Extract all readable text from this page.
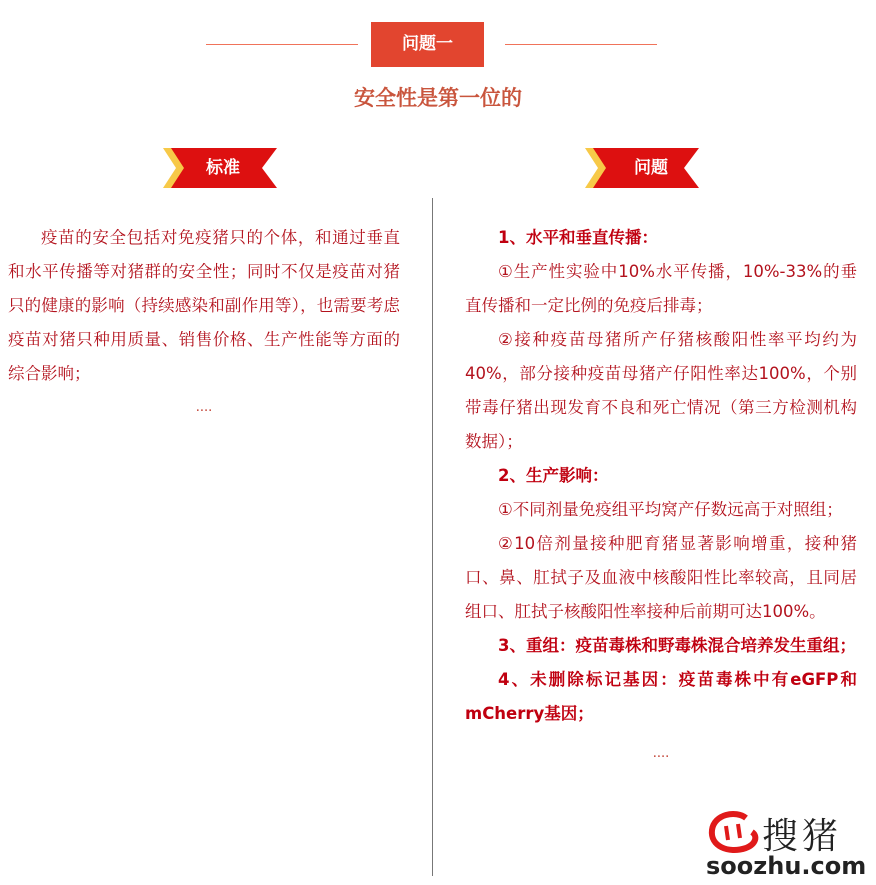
问题一
安全性是第一位的
标准	问题

疫苗的安全包括对免疫猪只的个体，和通过垂直和水平传播等对猪群的安全性；同时不仅是疫苗对猪只的健康的影响（持续感染和副作用等），也需要考虑疫苗对猪只种用质量、销售价格、生产性能等方面的综合影响；

....

1、水平和垂直传播：

①生产性实验中10%水平传播，10%-33%的垂直传播和一定比例的免疫后排毒；

②接种疫苗母猪所产仔猪核酸阳性率平均约为40%，部分接种疫苗母猪产仔阳性率达100%，个别带毒仔猪出现发育不良和死亡情况（第三方检测机构数据）；

2、生产影响：

①不同剂量免疫组平均窝产仔数远高于对照组；

②10倍剂量接种肥育猪显著影响增重，接种猪口、鼻、肛拭子及血液中核酸阳性比率较高，且同居组口、肛拭子核酸阳性率接种后前期可达100%。

3、重组：疫苗毒株和野毒株混合培养发生重组；

4、未删除标记基因：疫苗毒株中有eGFP和mCherry基因；

....

搜猪
soozhu.com
